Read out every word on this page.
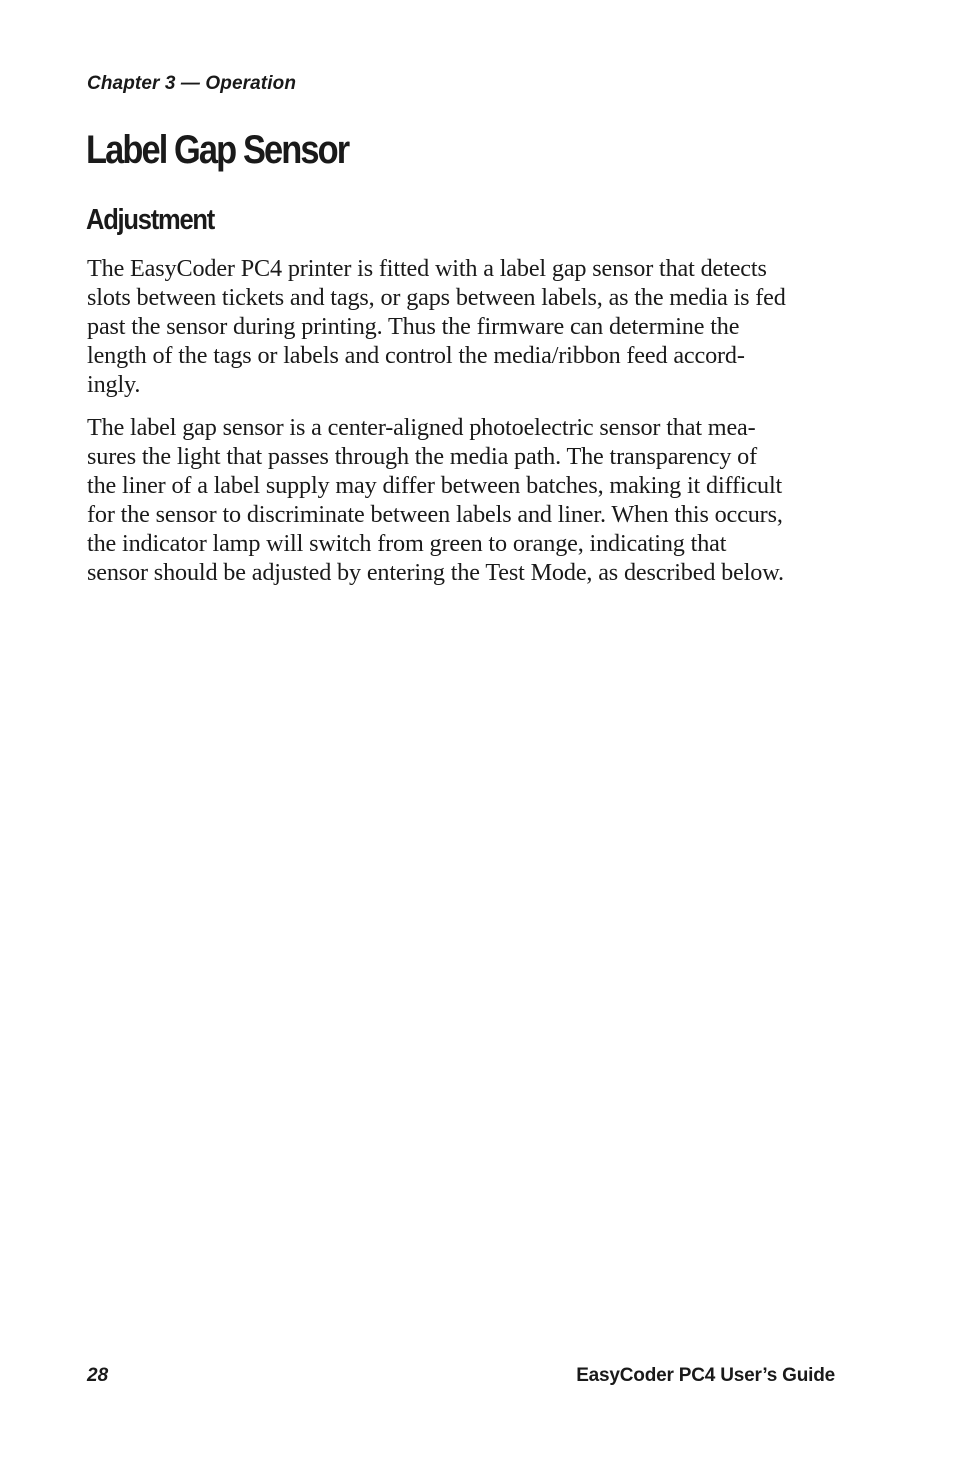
Chapter 3 — Operation
Label Gap Sensor
Adjustment

The EasyCoder PC4 printer is fitted with a label gap sensor that detects
slots between tickets and tags, or gaps between labels, as the media is fed
past the sensor during printing. Thus the firmware can determine the
length of the tags or labels and control the media/ribbon feed accord-
ingly.

The label gap sensor is a center-aligned photoelectric sensor that mea-
sures the light that passes through the media path. The transparency of
the liner of a label supply may differ between batches, making it difficult
for the sensor to discriminate between labels and liner. When this occurs,
the indicator lamp will switch from green to orange, indicating that
sensor should be adjusted by entering the Test Mode, as described below.

28	EasyCoder PC4 User’s Guide
